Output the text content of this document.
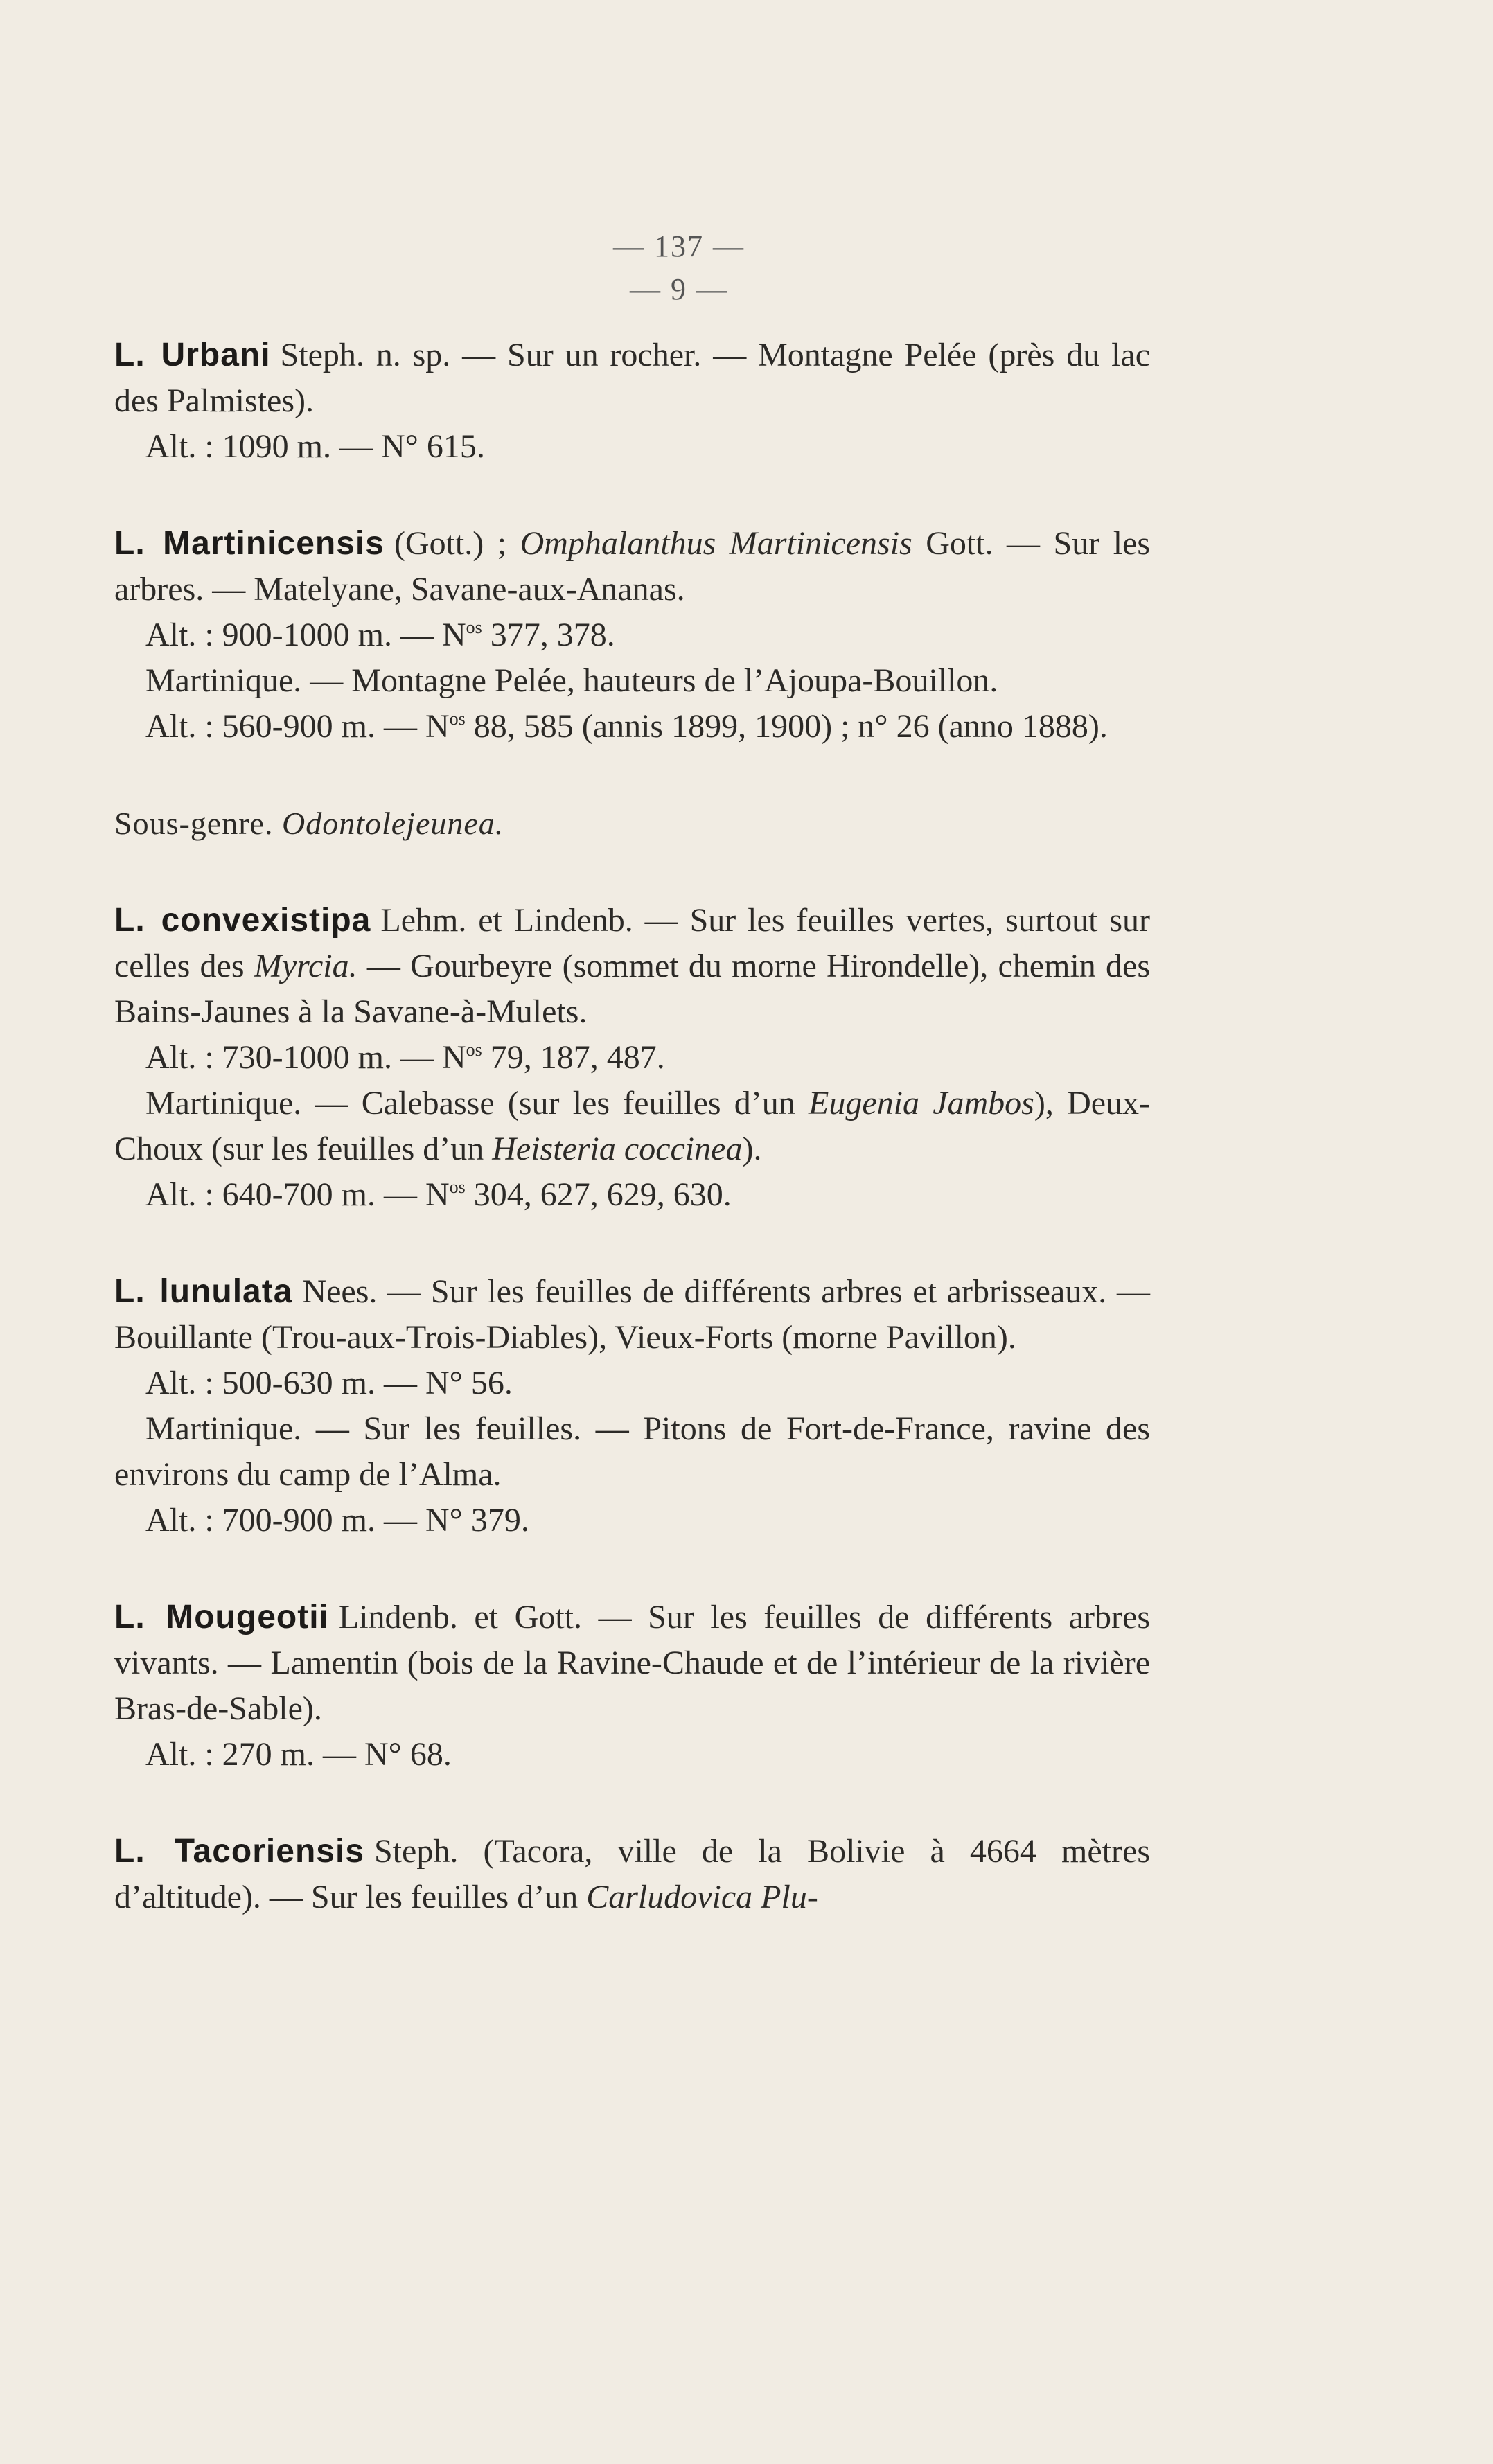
— 137 —
— 9 —

L. Urbani Steph. n. sp. — Sur un rocher. — Montagne Pelée (près du lac des Palmistes).

Alt. : 1090 m. — N° 615.

L. Martinicensis (Gott.) ; Omphalanthus Martinicensis Gott. — Sur les arbres. — Matelyane, Savane-aux-Ananas.

Alt. : 900-1000 m. — $N^{os}$ 377, 378.

Martinique. — Montagne Pelée, hauteurs de l’Ajoupa-Bouillon.

Alt. : 560-900 m. — $N^{os}$ 88, 585 (annis 1899, 1900) ; n° 26 (anno 1888).

Sous-genre. Odontolejeunea.

L. convexistipa Lehm. et Lindenb. — Sur les feuilles vertes, surtout sur celles des Myrcia. — Gourbeyre (sommet du morne Hirondelle), chemin des Bains-Jaunes à la Savane-à-Mulets.

Alt. : 730-1000 m. — $N^{os}$ 79, 187, 487.

Martinique. — Calebasse (sur les feuilles d’un Eugenia Jambos), Deux-Choux (sur les feuilles d’un Heisteria coccinea).

Alt. : 640-700 m. — $N^{os}$ 304, 627, 629, 630.

L. lunulata Nees. — Sur les feuilles de différents arbres et arbrisseaux. — Bouillante (Trou-aux-Trois-Diables), Vieux-Forts (morne Pavillon).

Alt. : 500-630 m. — N° 56.

Martinique. — Sur les feuilles. — Pitons de Fort-de-France, ravine des environs du camp de l’Alma.

Alt. : 700-900 m. — N° 379.

L. Mougeotii Lindenb. et Gott. — Sur les feuilles de différents arbres vivants. — Lamentin (bois de la Ravine-Chaude et de l’intérieur de la rivière Bras-de-Sable).

Alt. : 270 m. — N° 68.

L. Tacoriensis Steph. (Tacora, ville de la Bolivie à 4664 mètres d’altitude). — Sur les feuilles d’un Carludovica Plu-
